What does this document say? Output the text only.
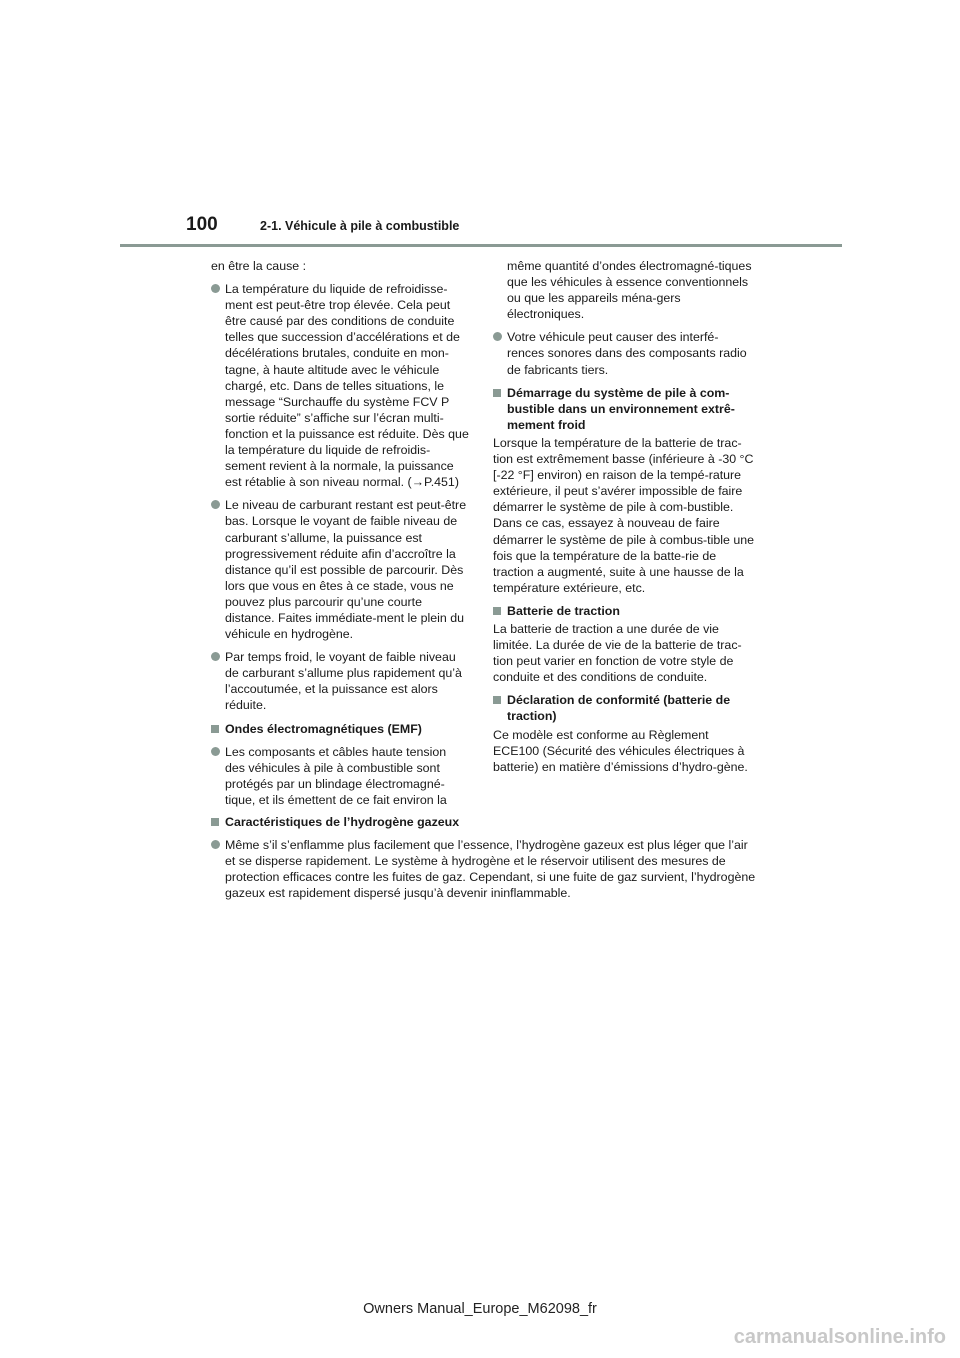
100	2-1. Véhicule à pile à combustible

en être la cause :

La température du liquide de refroidisse-ment est peut-être trop élevée. Cela peut être causé par des conditions de conduite telles que succession d’accélérations et de décélérations brutales, conduite en mon-tagne, à haute altitude avec le véhicule chargé, etc. Dans de telles situations, le message “Surchauffe du système FCV P sortie réduite” s’affiche sur l’écran multi-fonction et la puissance est réduite. Dès que la température du liquide de refroidis-sement revient à la normale, la puissance est rétablie à son niveau normal. (→P.451)
Le niveau de carburant restant est peut-être bas. Lorsque le voyant de faible niveau de carburant s’allume, la puissance est progressivement réduite afin d’accroître la distance qu’il est possible de parcourir. Dès lors que vous en êtes à ce stade, vous ne pouvez plus parcourir qu’une courte distance. Faites immédiate-ment le plein du véhicule en hydrogène.
Par temps froid, le voyant de faible niveau de carburant s’allume plus rapidement qu’à l’accoutumée, et la puissance est alors réduite.
Ondes électromagnétiques (EMF)
Les composants et câbles haute tension des véhicules à pile à combustible sont protégés par un blindage électromagné-tique, et ils émettent de ce fait environ la
même quantité d’ondes électromagné-tiques que les véhicules à essence conventionnels ou que les appareils ména-gers électroniques.
Votre véhicule peut causer des interfé-rences sonores dans des composants radio de fabricants tiers.
Démarrage du système de pile à com-bustible dans un environnement extrê-mement froid

Lorsque la température de la batterie de trac-tion est extrêmement basse (inférieure à -30 °C [-22 °F] environ) en raison de la tempé-rature extérieure, il peut s’avérer impossible de faire démarrer le système de pile à com-bustible. Dans ce cas, essayez à nouveau de faire démarrer le système de pile à combus-tible une fois que la température de la batte-rie de traction a augmenté, suite à une hausse de la température extérieure, etc.

Batterie de traction

La batterie de traction a une durée de vie limitée. La durée de vie de la batterie de trac-tion peut varier en fonction de votre style de conduite et des conditions de conduite.

Déclaration de conformité (batterie de traction)

Ce modèle est conforme au Règlement ECE100 (Sécurité des véhicules électriques à batterie) en matière d’émissions d’hydro-gène.

Caractéristiques de l’hydrogène gazeux
Même s’il s’enflamme plus facilement que l’essence, l’hydrogène gazeux est plus léger que l’air et se disperse rapidement. Le système à hydrogène et le réservoir utilisent des mesures de protection efficaces contre les fuites de gaz. Cependant, si une fuite de gaz survient, l’hydrogène gazeux est rapidement dispersé jusqu’à devenir ininflammable.
Owners Manual_Europe_M62098_fr
carmanualsonline.info
